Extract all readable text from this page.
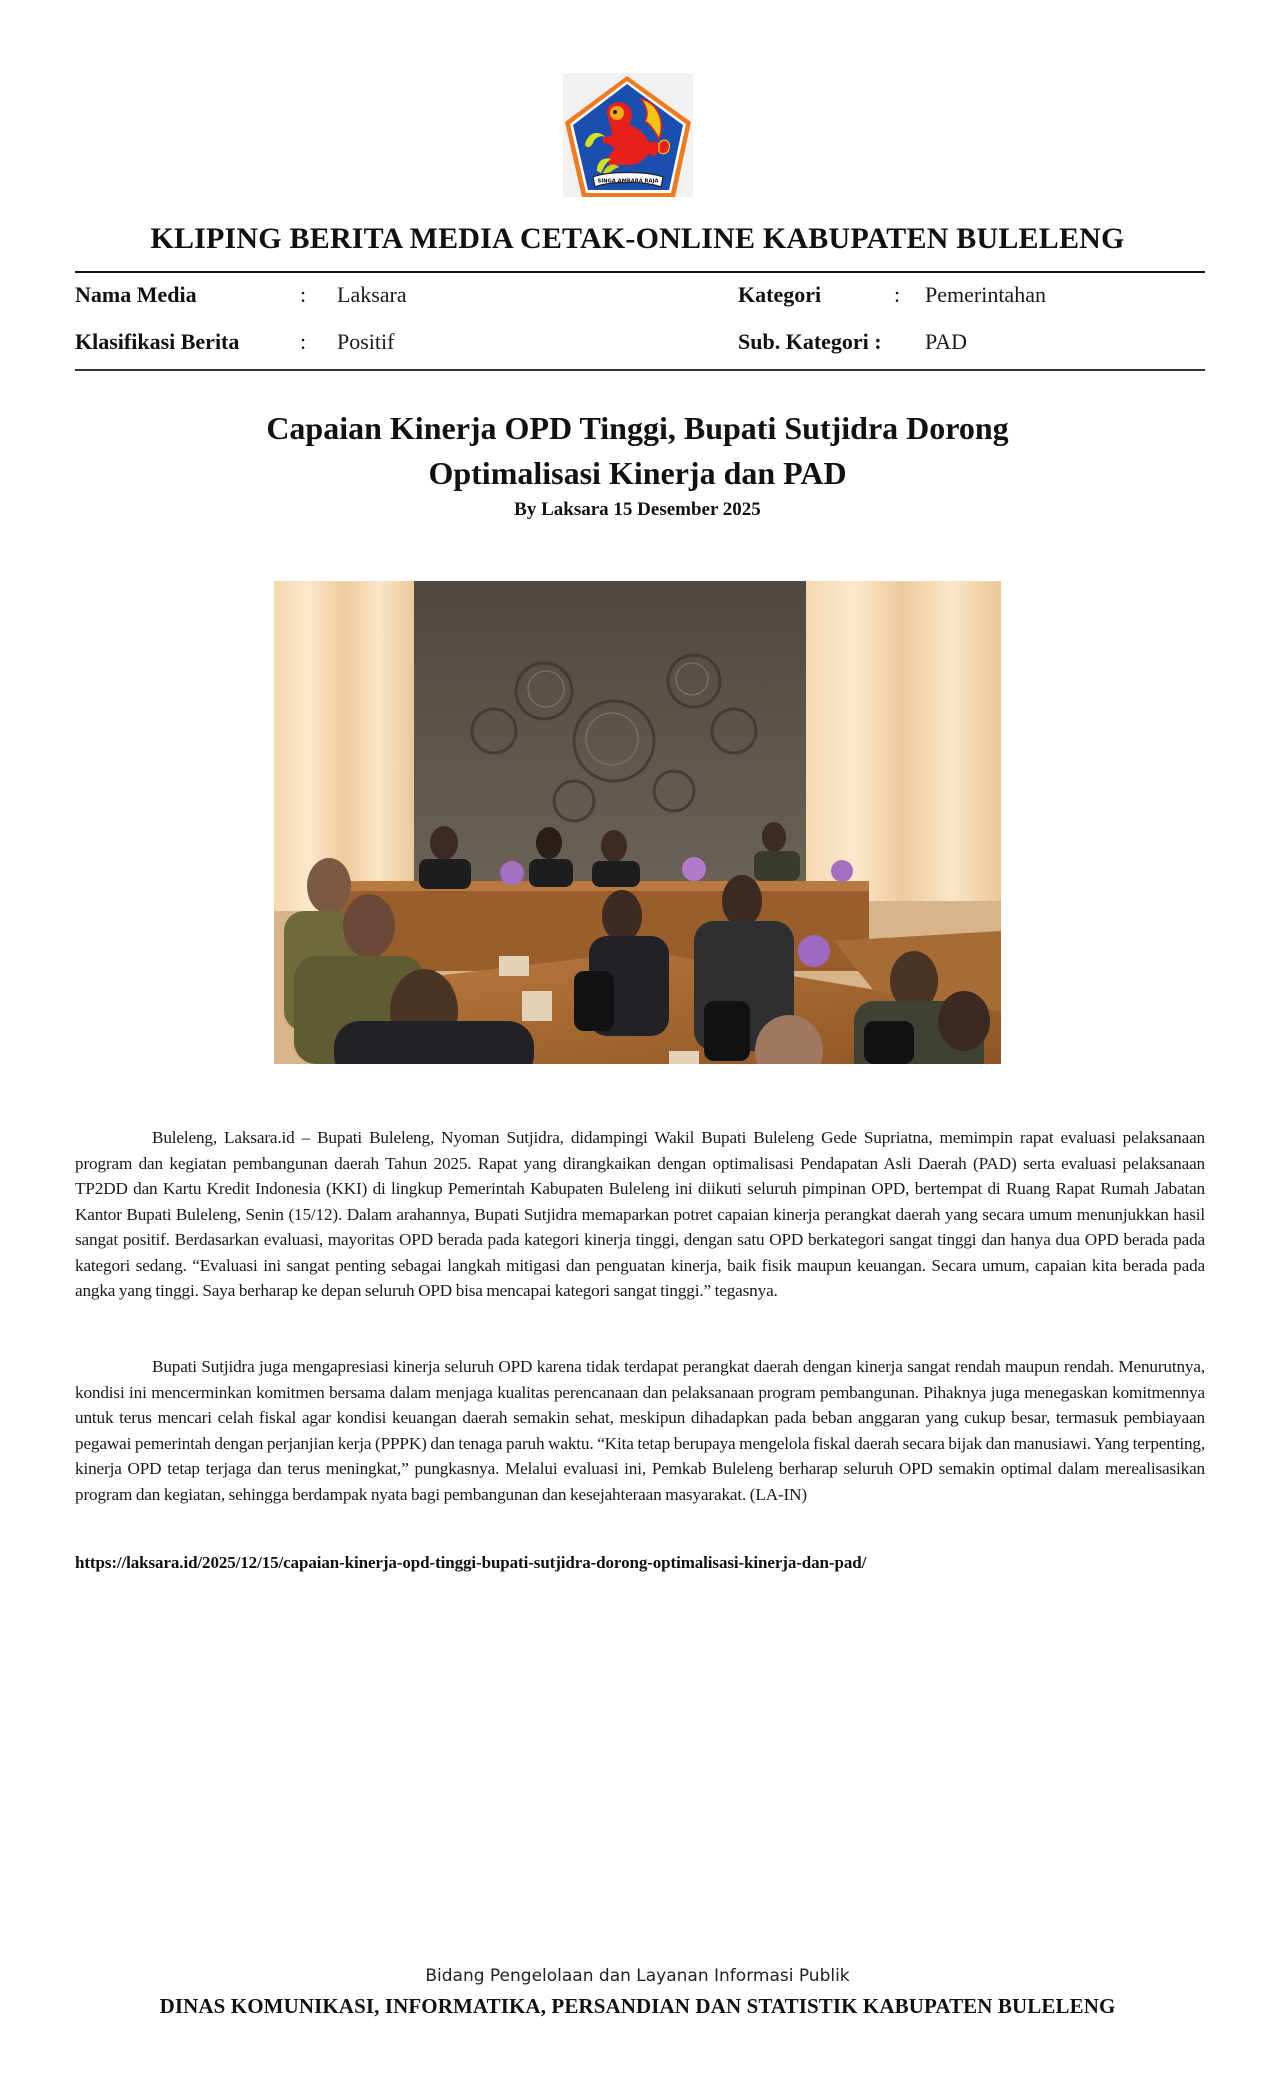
SINGA AMBARA RAJA
KLIPING BERITA MEDIA CETAK-ONLINE KABUPATEN BULELENG
Nama Media	: Laksara
Klasifikasi Berita	: Positif
Kategori	: Pemerintahan
Sub. Kategori : PAD
Capaian Kinerja OPD Tinggi, Bupati Sutjidra Dorong
Optimalisasi Kinerja dan PAD
By Laksara 15 Desember 2025

Buleleng, Laksara.id – Bupati Buleleng, Nyoman Sutjidra, didampingi Wakil Bupati Buleleng Gede Supriatna, memimpin rapat evaluasi pelaksanaan program dan kegiatan pembangunan daerah Tahun 2025. Rapat yang dirangkaikan dengan optimalisasi Pendapatan Asli Daerah (PAD) serta evaluasi pelaksanaan TP2DD dan Kartu Kredit Indonesia (KKI) di lingkup Pemerintah Kabupaten Buleleng ini diikuti seluruh pimpinan OPD, bertempat di Ruang Rapat Rumah Jabatan Kantor Bupati Buleleng, Senin (15/12). Dalam arahannya, Bupati Sutjidra memaparkan potret capaian kinerja perangkat daerah yang secara umum menunjukkan hasil sangat positif. Berdasarkan evaluasi, mayoritas OPD berada pada kategori kinerja tinggi, dengan satu OPD berkategori sangat tinggi dan hanya dua OPD berada pada kategori sedang. “Evaluasi ini sangat penting sebagai langkah mitigasi dan penguatan kinerja, baik fisik maupun keuangan. Secara umum, capaian kita berada pada angka yang tinggi. Saya berharap ke depan seluruh OPD bisa mencapai kategori sangat tinggi.” tegasnya.

Bupati Sutjidra juga mengapresiasi kinerja seluruh OPD karena tidak terdapat perangkat daerah dengan kinerja sangat rendah maupun rendah. Menurutnya, kondisi ini mencerminkan komitmen bersama dalam menjaga kualitas perencanaan dan pelaksanaan program pembangunan. Pihaknya juga menegaskan komitmennya untuk terus mencari celah fiskal agar kondisi keuangan daerah semakin sehat, meskipun dihadapkan pada beban anggaran yang cukup besar, termasuk pembiayaan pegawai pemerintah dengan perjanjian kerja (PPPK) dan tenaga paruh waktu. “Kita tetap berupaya mengelola fiskal daerah secara bijak dan manusiawi. Yang terpenting, kinerja OPD tetap terjaga dan terus meningkat,” pungkasnya. Melalui evaluasi ini, Pemkab Buleleng berharap seluruh OPD semakin optimal dalam merealisasikan program dan kegiatan, sehingga berdampak nyata bagi pembangunan dan kesejahteraan masyarakat. (LA-IN)

https://laksara.id/2025/12/15/capaian-kinerja-opd-tinggi-bupati-sutjidra-dorong-optimalisasi-kinerja-dan-pad/
Bidang Pengelolaan dan Layanan Informasi Publik
DINAS KOMUNIKASI, INFORMATIKA, PERSANDIAN DAN STATISTIK KABUPATEN BULELENG
